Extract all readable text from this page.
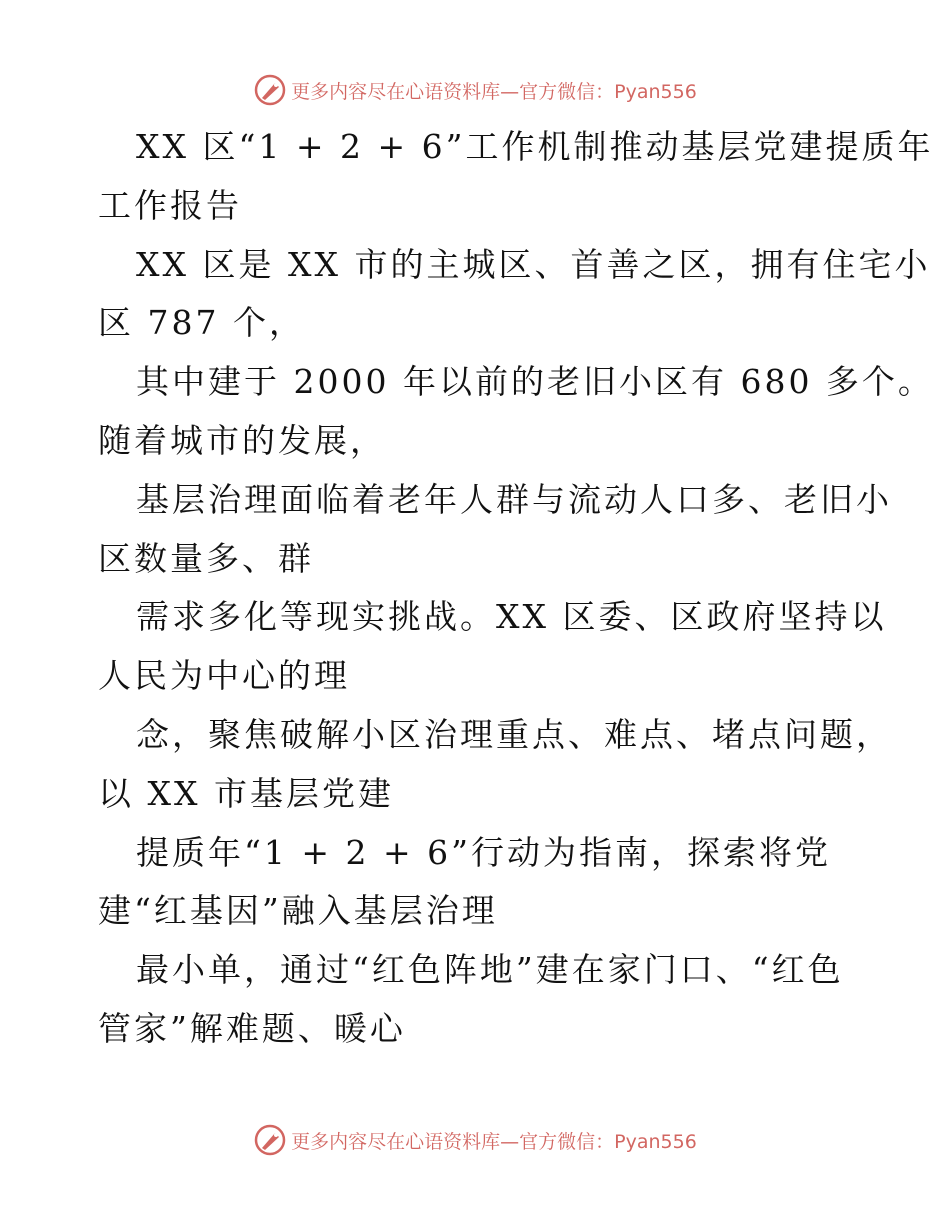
更多内容尽在心语资料库—官方微信：Pyan556
XX 区“1 + 2 + 6”工作机制推动基层党建提质年
工作报告
XX 区是 XX 市的主城区、首善之区，拥有住宅小
区 787 个，
其中建于 2000 年以前的老旧小区有 680 多个。
随着城市的发展，
基层治理面临着老年人群与流动人口多、老旧小
区数量多、群
需求多化等现实挑战。XX 区委、区政府坚持以
人民为中心的理
念，聚焦破解小区治理重点、难点、堵点问题，
以 XX 市基层党建
提质年“1 + 2 + 6”行动为指南，探索将党
建“红基因”融入基层治理
最小单，通过“红色阵地”建在家门口、“红色
管家”解难题、暖心
更多内容尽在心语资料库—官方微信：Pyan556
